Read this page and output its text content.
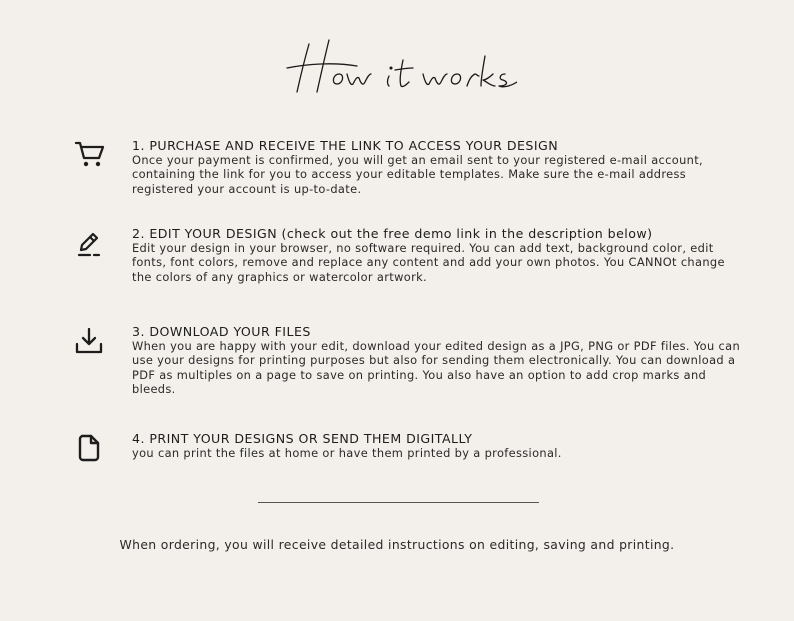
1. PURCHASE AND RECEIVE THE LINK TO ACCESS YOUR DESIGN
Once your payment is confirmed, you will get an email sent to your registered e-mail account, containing the link for you to access your editable templates. Make sure the e-mail address registered your account is up-to-date.
2. EDIT YOUR DESIGN (check out the free demo link in the description below)
Edit your design in your browser, no software required. You can add text, background color, edit fonts, font colors, remove and replace any content and add your own photos. You CANNOt change the colors of any graphics or watercolor artwork.
3. DOWNLOAD YOUR FILES
When you are happy with your edit, download your edited design as a JPG, PNG or PDF files. You can use your designs for printing purposes but also for sending them electronically. You can download a PDF as multiples on a page to save on printing. You also have an option to add crop marks and bleeds.
4. PRINT YOUR DESIGNS OR SEND THEM DIGITALLY
you can print the files at home or have them printed by a professional.
When ordering, you will receive detailed instructions on editing, saving and printing.
